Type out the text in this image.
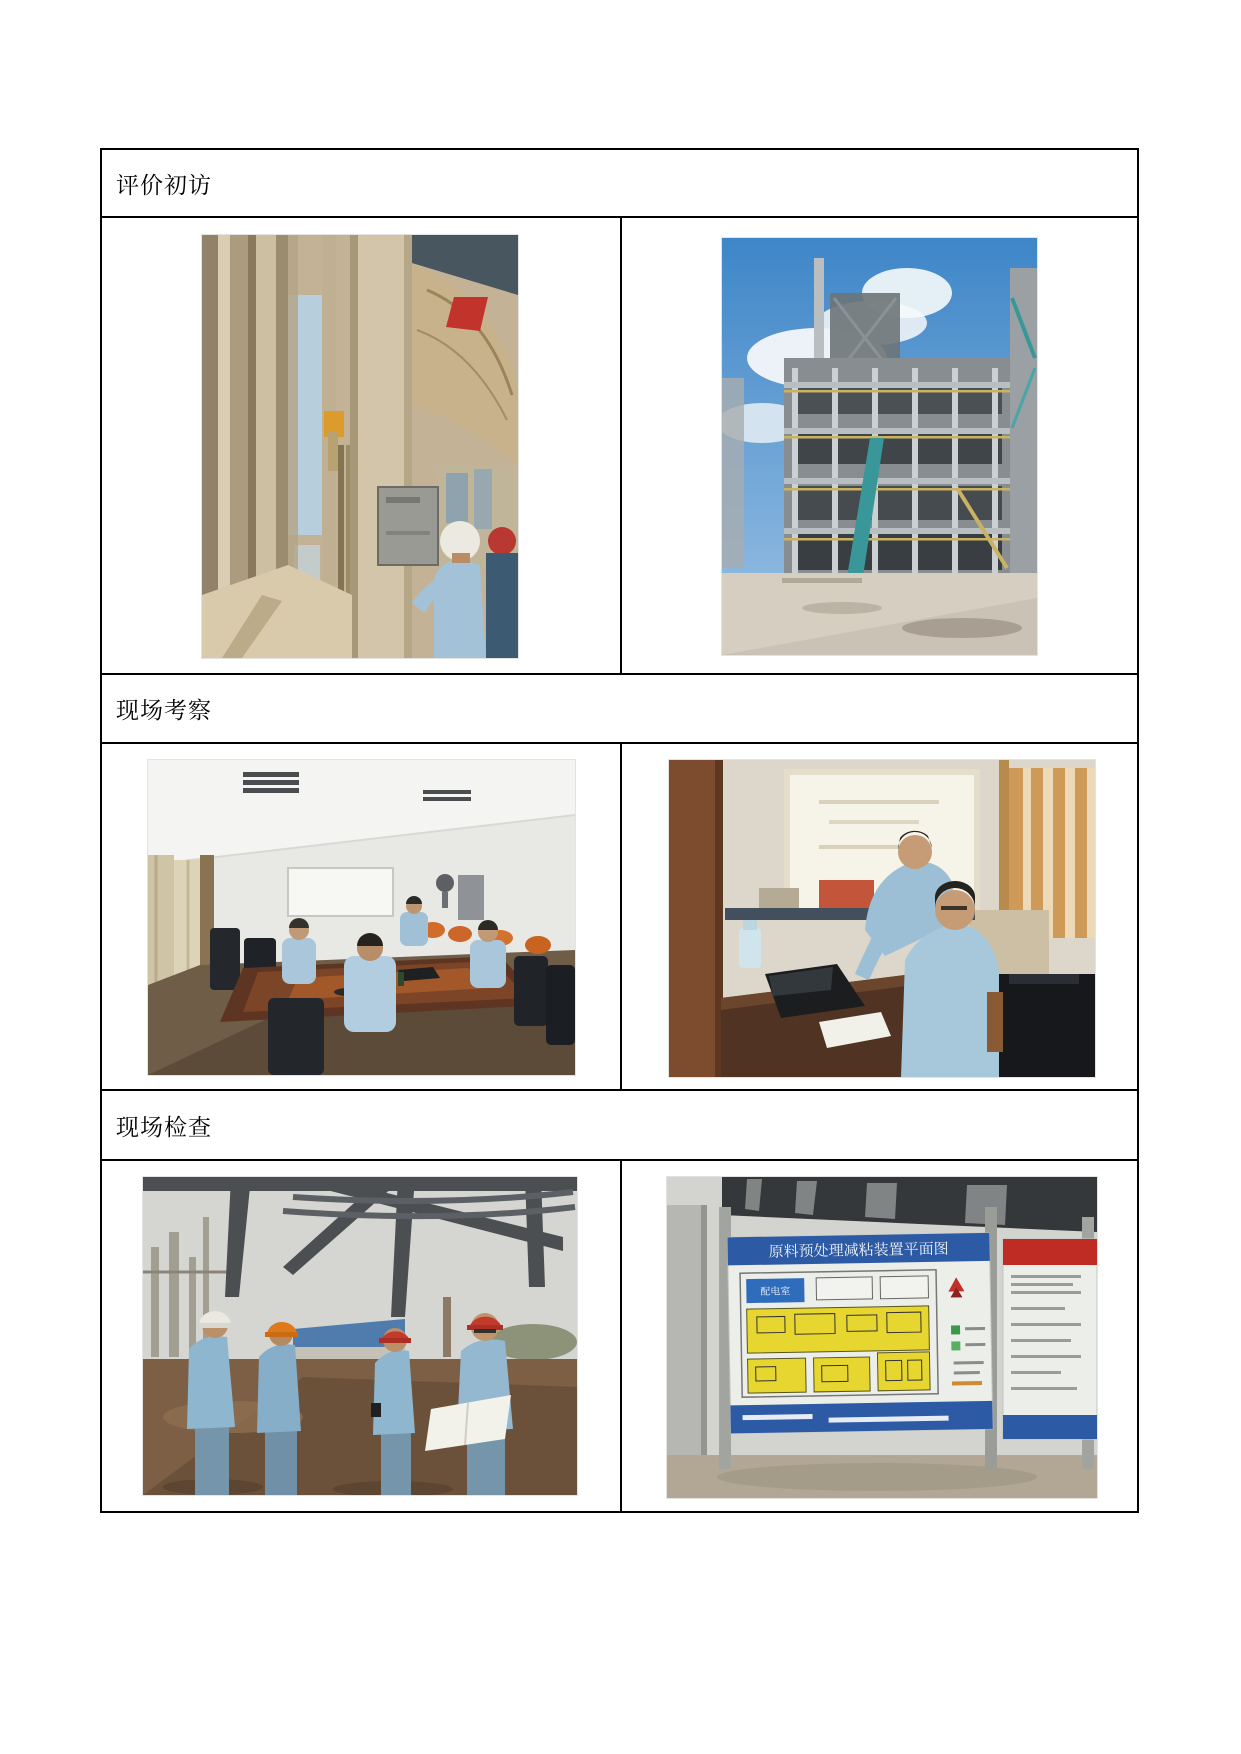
评价初访
现场考察
现场检查
原料预处理减粘装置平面图
配电室
